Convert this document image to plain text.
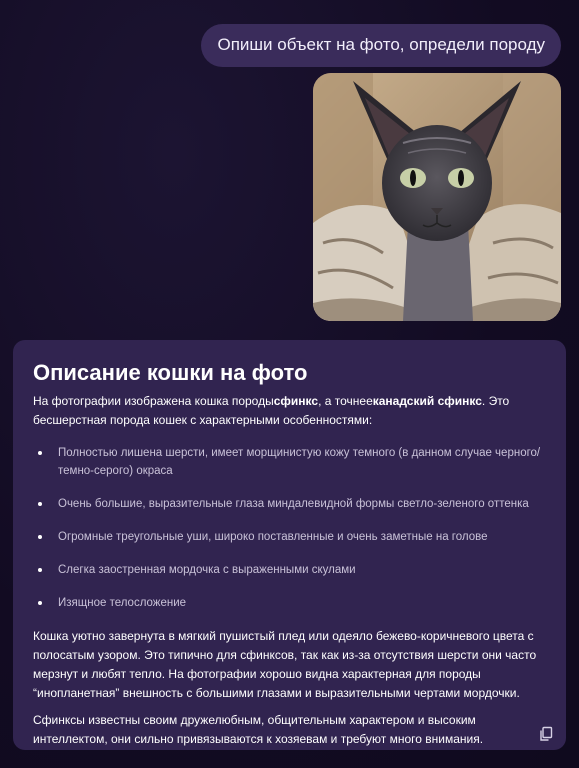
Опиши объект на фото, определи породу
Описание кошки на фото

На фотографии изображена кошка породысфинкс, а точнееканадский сфинкс. Это бесшерстная порода кошек с характерными особенностями:

Полностью лишена шерсти, имеет морщинистую кожу темного (в данном случае черного/темно-серого) окраса
Очень большие, выразительные глаза миндалевидной формы светло-зеленого оттенка
Огромные треугольные уши, широко поставленные и очень заметные на голове
Слегка заостренная мордочка с выраженными скулами
Изящное телосложение

Кошка уютно завернута в мягкий пушистый плед или одеяло бежево-коричневого цвета с полосатым узором. Это типично для сфинксов, так как из-за отсутствия шерсти они часто мерзнут и любят тепло. На фотографии хорошо видна характерная для породы “инопланетная” внешность с большими глазами и выразительными чертами мордочки.

Сфинксы известны своим дружелюбным, общительным характером и высоким интеллектом, они сильно привязываются к хозяевам и требуют много внимания.
